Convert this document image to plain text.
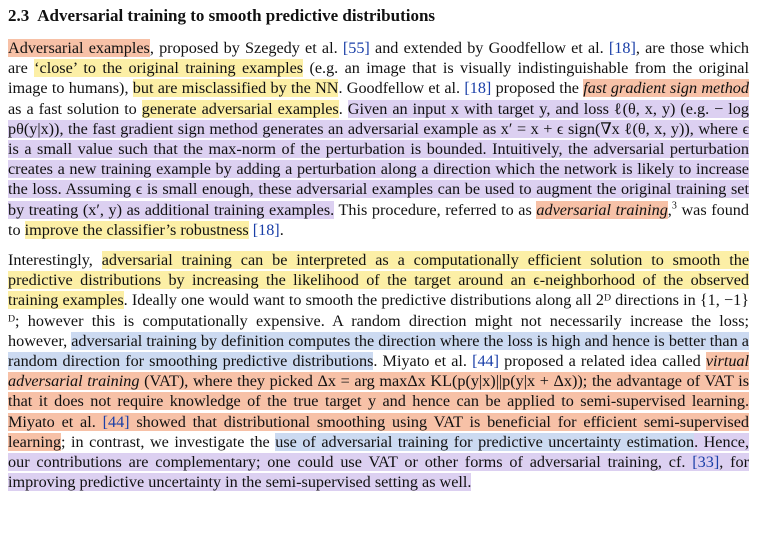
2.3 Adversarial training to smooth predictive distributions

Adversarial examples, proposed by Szegedy et al. [55] and extended by Goodfellow et al. [18], are those which are ‘close’ to the original training examples (e.g. an image that is visually indistinguishable from the original image to humans), but are misclassified by the NN. Goodfellow et al. [18] proposed the fast gradient sign method as a fast solution to generate adversarial examples. Given an input x with target y, and loss ℓ(θ, x, y) (e.g. − log pθ(y|x)), the fast gradient sign method generates an adversarial example as x′ = x + ϵ sign(∇x ℓ(θ, x, y)), where ϵ is a small value such that the max-norm of the perturbation is bounded. Intuitively, the adversarial perturbation creates a new training example by adding a perturbation along a direction which the network is likely to increase the loss. Assuming ϵ is small enough, these adversarial examples can be used to augment the original training set by treating (x′, y) as additional training examples. This procedure, referred to as adversarial training,$^3$ was found to improve the classifier’s robustness [18].

Interestingly, adversarial training can be interpreted as a computationally efficient solution to smooth the predictive distributions by increasing the likelihood of the target around an ϵ-neighborhood of the observed training examples. Ideally one would want to smooth the predictive distributions along all 2ᴰ directions in {1, −1}ᴰ; however this is computationally expensive. A random direction might not necessarily increase the loss; however, adversarial training by definition computes the direction where the loss is high and hence is better than a random direction for smoothing predictive distributions. Miyato et al. [44] proposed a related idea called virtual adversarial training (VAT), where they picked Δx = arg maxΔx KL(p(y|x)||p(y|x + Δx)); the advantage of VAT is that it does not require knowledge of the true target y and hence can be applied to semi-supervised learning. Miyato et al. [44] showed that distributional smoothing using VAT is beneficial for efficient semi-supervised learning; in contrast, we investigate the use of adversarial training for predictive uncertainty estimation. Hence, our contributions are complementary; one could use VAT or other forms of adversarial training, cf. [33], for improving predictive uncertainty in the semi-supervised setting as well.
